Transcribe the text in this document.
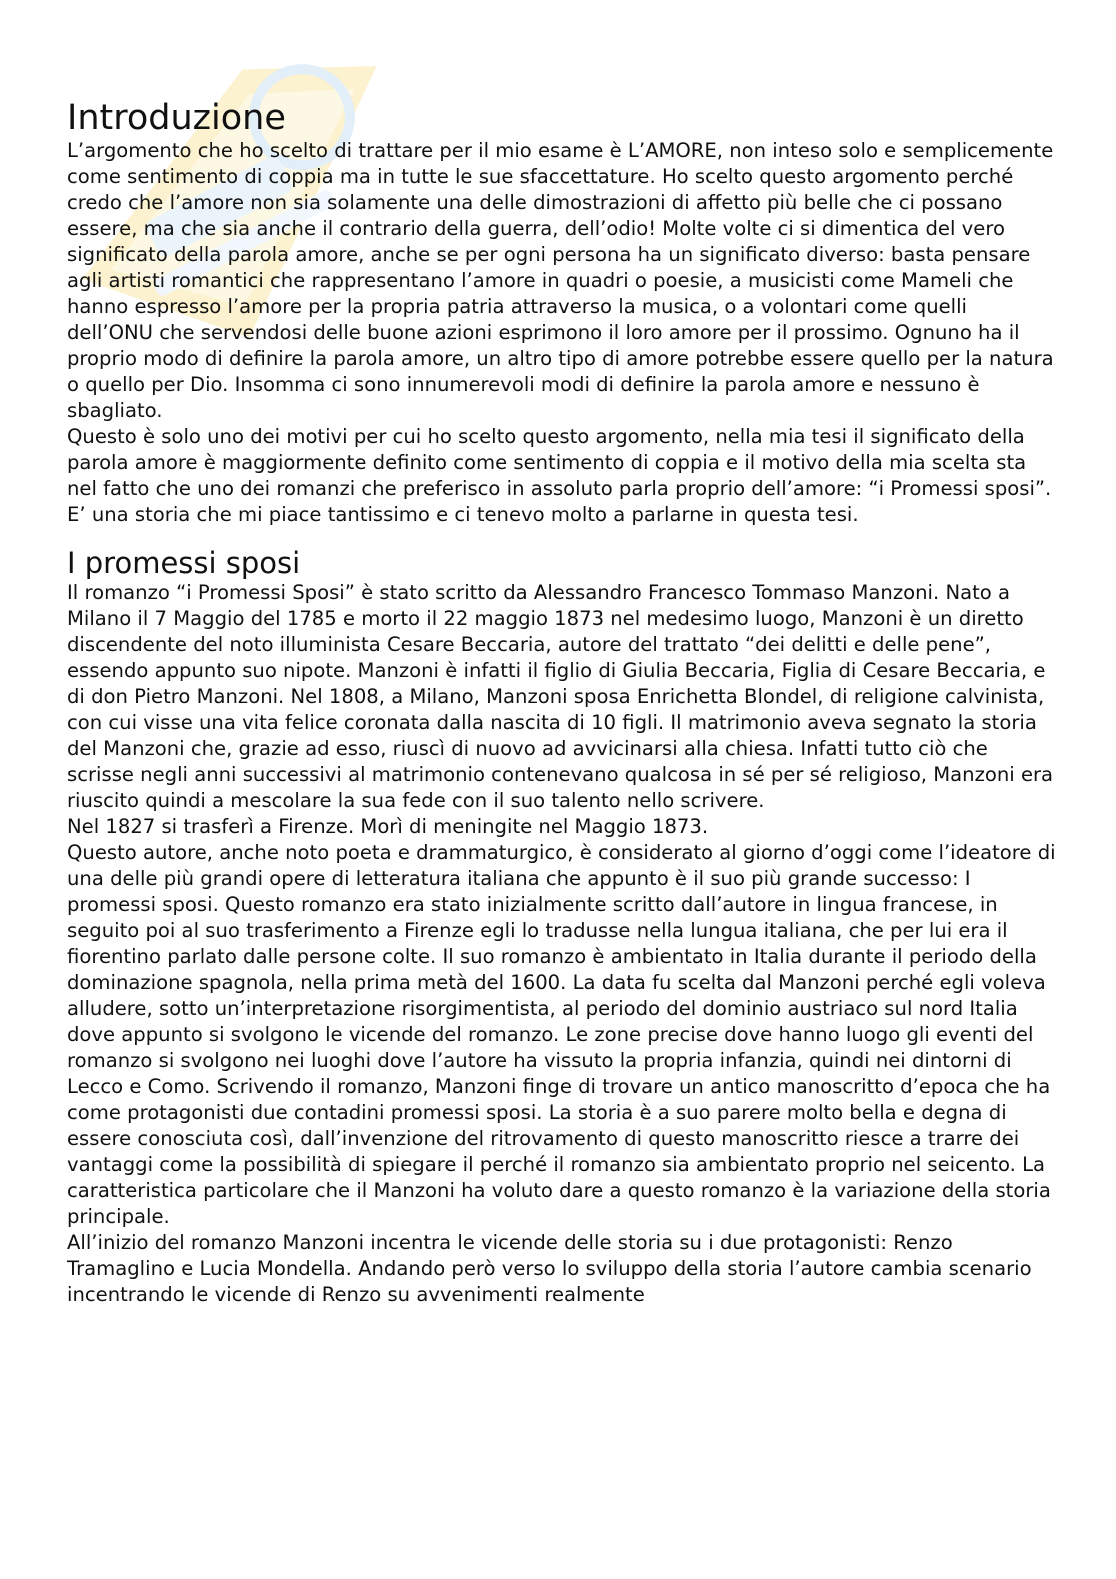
Introduzione

L’argomento che ho scelto di trattare per il mio esame è L’AMORE, non inteso solo e semplicemente come sentimento di coppia ma in tutte le sue sfaccettature. Ho scelto questo argomento perché credo che l’amore non sia solamente una delle dimostrazioni di affetto più belle che ci possano essere, ma che sia anche il contrario della guerra, dell’odio! Molte volte ci si dimentica del vero significato della parola amore, anche se per ogni persona ha un significato diverso: basta pensare agli artisti romantici che rappresentano l’amore in quadri o poesie, a musicisti come Mameli che hanno espresso l’amore per la propria patria attraverso la musica, o a volontari come quelli dell’ONU che servendosi delle buone azioni esprimono il loro amore per il prossimo. Ognuno ha il proprio modo di definire la parola amore, un altro tipo di amore potrebbe essere quello per la natura o quello per Dio. Insomma ci sono innumerevoli modi di definire la parola amore e nessuno è sbagliato.

Questo è solo uno dei motivi per cui ho scelto questo argomento, nella mia tesi il significato della parola amore è maggiormente definito come sentimento di coppia e il motivo della mia scelta sta nel fatto che uno dei romanzi che preferisco in assoluto parla proprio dell’amore: “i Promessi sposi”. E’ una storia che mi piace tantissimo e ci tenevo molto a parlarne in questa tesi.

I promessi sposi

Il romanzo “i Promessi Sposi” è stato scritto da Alessandro Francesco Tommaso Manzoni. Nato a Milano il 7 Maggio del 1785 e morto il 22 maggio 1873 nel medesimo luogo, Manzoni è un diretto discendente del noto illuminista Cesare Beccaria, autore del trattato “dei delitti e delle pene”, essendo appunto suo nipote. Manzoni è infatti il figlio di Giulia Beccaria, Figlia di Cesare Beccaria, e di don Pietro Manzoni. Nel 1808, a Milano, Manzoni sposa Enrichetta Blondel, di religione calvinista, con cui visse una vita felice coronata dalla nascita di 10 figli. Il matrimonio aveva segnato la storia del Manzoni che, grazie ad esso, riuscì di nuovo ad avvicinarsi alla chiesa. Infatti tutto ciò che scrisse negli anni successivi al matrimonio contenevano qualcosa in sé per sé religioso, Manzoni era riuscito quindi a mescolare la sua fede con il suo talento nello scrivere.

Nel 1827 si trasferì a Firenze. Morì di meningite nel Maggio 1873.

Questo autore, anche noto poeta e drammaturgico, è considerato al giorno d’oggi come l’ideatore di una delle più grandi opere di letteratura italiana che appunto è il suo più grande successo: I promessi sposi. Questo romanzo era stato inizialmente scritto dall’autore in lingua francese, in seguito poi al suo trasferimento a Firenze egli lo tradusse nella lungua italiana, che per lui era il fiorentino parlato dalle persone colte. Il suo romanzo è ambientato in Italia durante il periodo della dominazione spagnola, nella prima metà del 1600. La data fu scelta dal Manzoni perché egli voleva alludere, sotto un’interpretazione risorgimentista, al periodo del dominio austriaco sul nord Italia dove appunto si svolgono le vicende del romanzo. Le zone precise dove hanno luogo gli eventi del romanzo si svolgono nei luoghi dove l’autore ha vissuto la propria infanzia, quindi nei dintorni di Lecco e Como. Scrivendo il romanzo, Manzoni finge di trovare un antico manoscritto d’epoca che ha come protagonisti due contadini promessi sposi. La storia è a suo parere molto bella e degna di essere conosciuta così, dall’invenzione del ritrovamento di questo manoscritto riesce a trarre dei vantaggi come la possibilità di spiegare il perché il romanzo sia ambientato proprio nel seicento. La caratteristica particolare che il Manzoni ha voluto dare a questo romanzo è la variazione della storia principale.

All’inizio del romanzo Manzoni incentra le vicende delle storia su i due protagonisti: Renzo Tramaglino e Lucia Mondella. Andando però verso lo sviluppo della storia l’autore cambia scenario incentrando le vicende di Renzo su avvenimenti realmente
